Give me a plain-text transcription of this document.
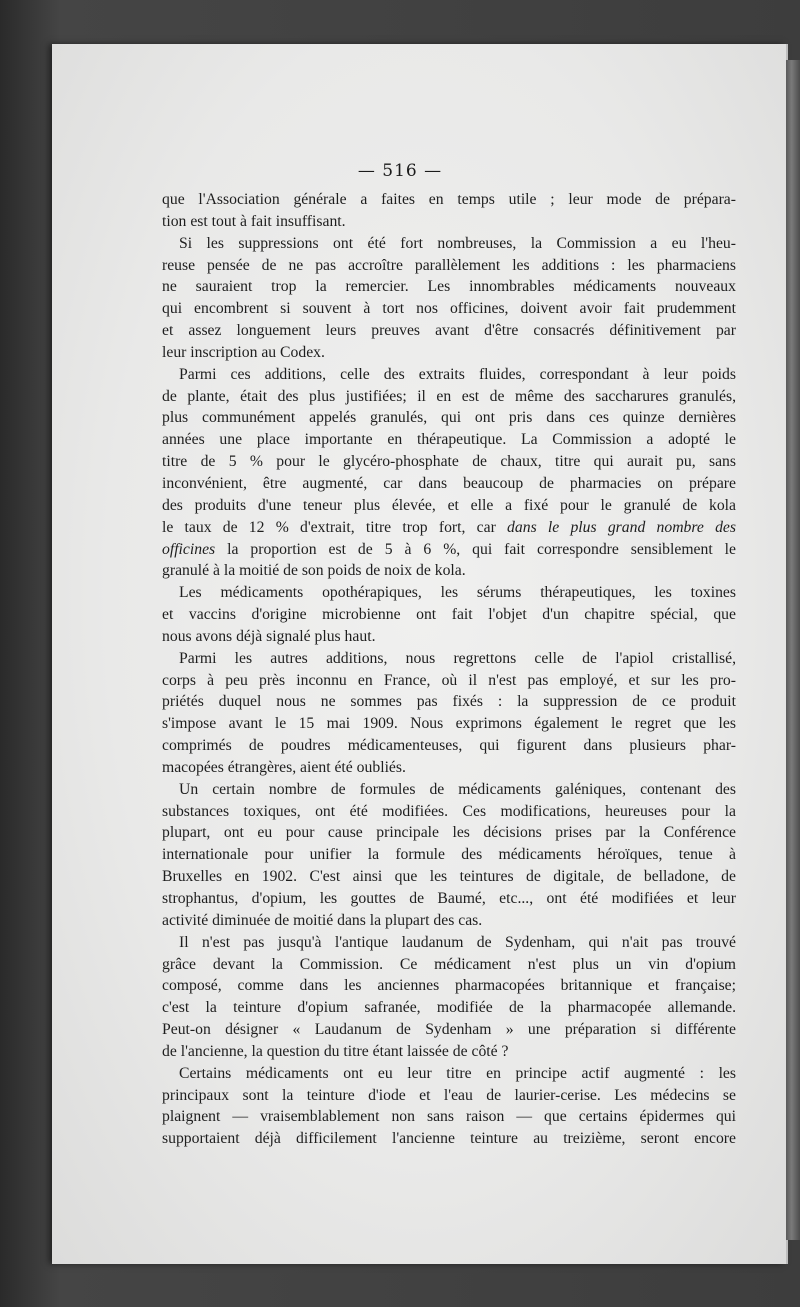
— 516 —
que l'Association générale a faites en temps utile ; leur mode de prépara-
tion est tout à fait insuffisant.
Si les suppressions ont été fort nombreuses, la Commission a eu l'heu-
reuse pensée de ne pas accroître parallèlement les additions : les pharmaciens
ne sauraient trop la remercier. Les innombrables médicaments nouveaux
qui encombrent si souvent à tort nos officines, doivent avoir fait prudemment
et assez longuement leurs preuves avant d'être consacrés définitivement par
leur inscription au Codex.
Parmi ces additions, celle des extraits fluides, correspondant à leur poids
de plante, était des plus justifiées; il en est de même des saccharures granulés,
plus communément appelés granulés, qui ont pris dans ces quinze dernières
années une place importante en thérapeutique. La Commission a adopté le
titre de 5 % pour le glycéro-phosphate de chaux, titre qui aurait pu, sans
inconvénient, être augmenté, car dans beaucoup de pharmacies on prépare
des produits d'une teneur plus élevée, et elle a fixé pour le granulé de kola
le taux de 12 % d'extrait, titre trop fort, car dans le plus grand nombre des
officines la proportion est de 5 à 6 %, qui fait correspondre sensiblement le
granulé à la moitié de son poids de noix de kola.
Les médicaments opothérapiques, les sérums thérapeutiques, les toxines
et vaccins d'origine microbienne ont fait l'objet d'un chapitre spécial, que
nous avons déjà signalé plus haut.
Parmi les autres additions, nous regrettons celle de l'apiol cristallisé,
corps à peu près inconnu en France, où il n'est pas employé, et sur les pro-
priétés duquel nous ne sommes pas fixés : la suppression de ce produit
s'impose avant le 15 mai 1909. Nous exprimons également le regret que les
comprimés de poudres médicamenteuses, qui figurent dans plusieurs phar-
macopées étrangères, aient été oubliés.
Un certain nombre de formules de médicaments galéniques, contenant des
substances toxiques, ont été modifiées. Ces modifications, heureuses pour la
plupart, ont eu pour cause principale les décisions prises par la Conférence
internationale pour unifier la formule des médicaments héroïques, tenue à
Bruxelles en 1902. C'est ainsi que les teintures de digitale, de belladone, de
strophantus, d'opium, les gouttes de Baumé, etc..., ont été modifiées et leur
activité diminuée de moitié dans la plupart des cas.
Il n'est pas jusqu'à l'antique laudanum de Sydenham, qui n'ait pas trouvé
grâce devant la Commission. Ce médicament n'est plus un vin d'opium
composé, comme dans les anciennes pharmacopées britannique et française;
c'est la teinture d'opium safranée, modifiée de la pharmacopée allemande.
Peut-on désigner « Laudanum de Sydenham » une préparation si différente
de l'ancienne, la question du titre étant laissée de côté ?
Certains médicaments ont eu leur titre en principe actif augmenté : les
principaux sont la teinture d'iode et l'eau de laurier-cerise. Les médecins se
plaignent — vraisemblablement non sans raison — que certains épidermes qui
supportaient déjà difficilement l'ancienne teinture au treizième, seront encore
